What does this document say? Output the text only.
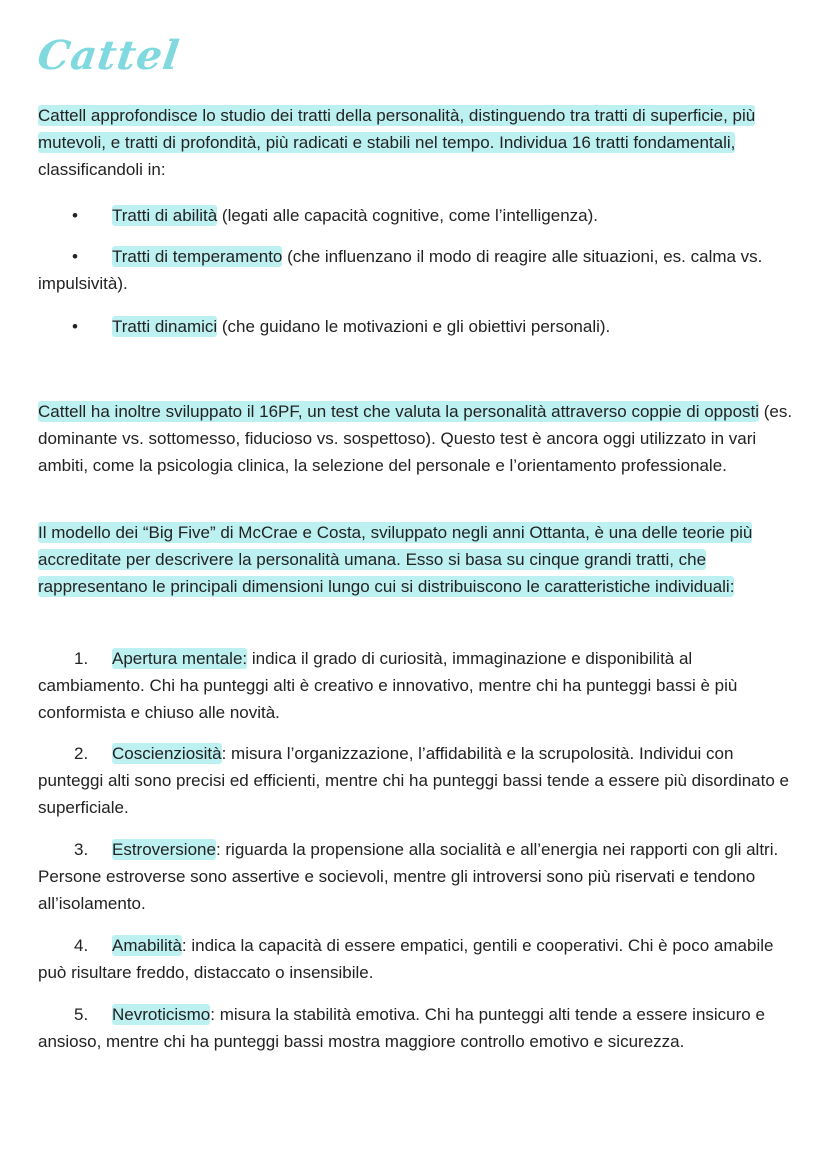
Cattel

Cattell approfondisce lo studio dei tratti della personalità, distinguendo tra tratti di superficie, più mutevoli, e tratti di profondità, più radicati e stabili nel tempo. Individua 16 tratti fondamentali, classificandoli in:

•	Tratti di abilità (legati alle capacità cognitive, come l’intelligenza).

• Tratti di temperamento (che influenzano il modo di reagire alle situazioni, es. calma vs. impulsività).

•	Tratti dinamici (che guidano le motivazioni e gli obiettivi personali).

Cattell ha inoltre sviluppato il 16PF, un test che valuta la personalità attraverso coppie di opposti (es. dominante vs. sottomesso, fiducioso vs. sospettoso). Questo test è ancora oggi utilizzato in vari ambiti, come la psicologia clinica, la selezione del personale e l’orientamento professionale.

Il modello dei “Big Five” di McCrae e Costa, sviluppato negli anni Ottanta, è una delle teorie più accreditate per descrivere la personalità umana. Esso si basa su cinque grandi tratti, che rappresentano le principali dimensioni lungo cui si distribuiscono le caratteristiche individuali:

1. Apertura mentale: indica il grado di curiosità, immaginazione e disponibilità al cambiamento. Chi ha punteggi alti è creativo e innovativo, mentre chi ha punteggi bassi è più conformista e chiuso alle novità.

2. Coscienziosità: misura l’organizzazione, l’affidabilità e la scrupolosità. Individui con punteggi alti sono precisi ed efficienti, mentre chi ha punteggi bassi tende a essere più disordinato e superficiale.

3. Estroversione: riguarda la propensione alla socialità e all’energia nei rapporti con gli altri. Persone estroverse sono assertive e socievoli, mentre gli introversi sono più riservati e tendono all’isolamento.

4. Amabilità: indica la capacità di essere empatici, gentili e cooperativi. Chi è poco amabile può risultare freddo, distaccato o insensibile.

5. Nevroticismo: misura la stabilità emotiva. Chi ha punteggi alti tende a essere insicuro e ansioso, mentre chi ha punteggi bassi mostra maggiore controllo emotivo e sicurezza.
